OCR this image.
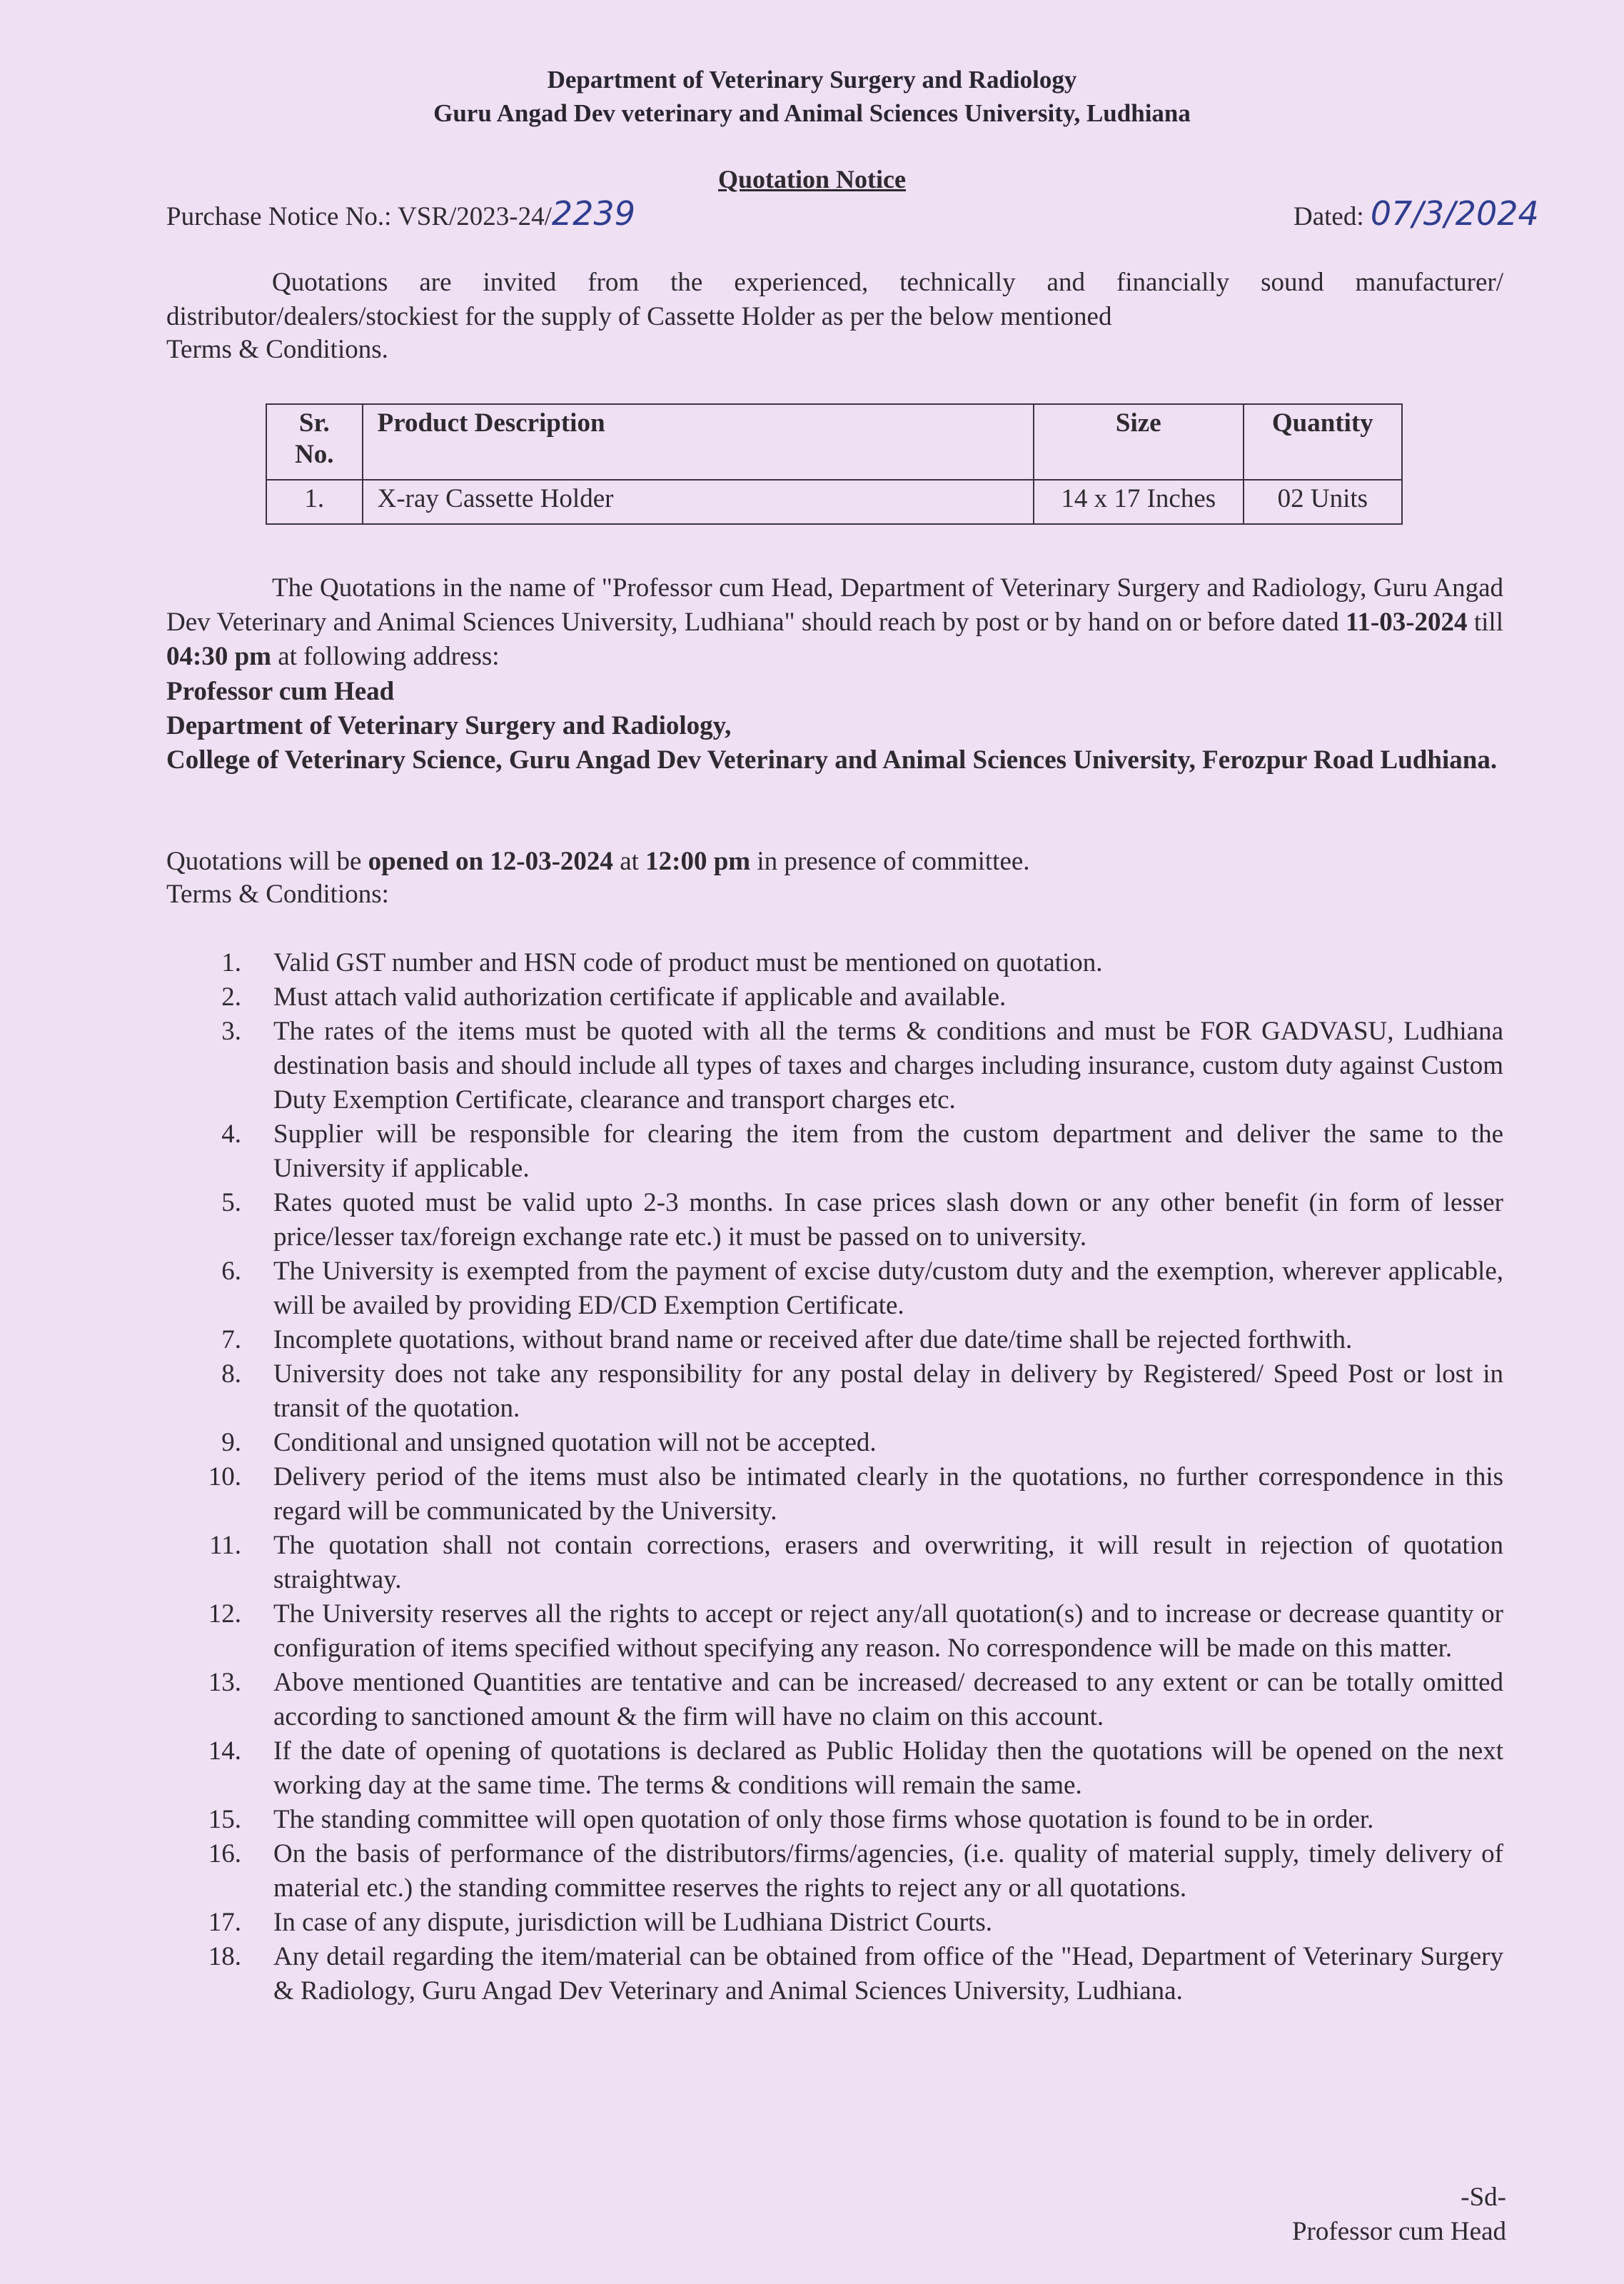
Department of Veterinary Surgery and Radiology
Guru Angad Dev veterinary and Animal Sciences University, Ludhiana
Quotation Notice
Purchase Notice No.: VSR/2023-24/2239	Dated: 07/3/2024
Quotations are invited from the experienced, technically and financially sound manufacturer/ distributor/dealers/stockiest for the supply of Cassette Holder as per the below mentioned
Terms & Conditions.
Sr. No.	Product Description	Size	Quantity
1.	X-ray Cassette Holder	14 x 17 Inches	02 Units
The Quotations in the name of "Professor cum Head, Department of Veterinary Surgery and Radiology, Guru Angad Dev Veterinary and Animal Sciences University, Ludhiana" should reach by post or by hand on or before dated 11-03-2024 till 04:30 pm at following address:
Professor cum Head
Department of Veterinary Surgery and Radiology,
College of Veterinary Science, Guru Angad Dev Veterinary and Animal Sciences University, Ferozpur Road Ludhiana.
Quotations will be opened on 12-03-2024 at 12:00 pm in presence of committee.
Terms & Conditions:
1. Valid GST number and HSN code of product must be mentioned on quotation.
2. Must attach valid authorization certificate if applicable and available.
3. The rates of the items must be quoted with all the terms & conditions and must be FOR GADVASU, Ludhiana destination basis and should include all types of taxes and charges including insurance, custom duty against Custom Duty Exemption Certificate, clearance and transport charges etc.
4. Supplier will be responsible for clearing the item from the custom department and deliver the same to the University if applicable.
5. Rates quoted must be valid upto 2-3 months. In case prices slash down or any other benefit (in form of lesser price/lesser tax/foreign exchange rate etc.) it must be passed on to university.
6. The University is exempted from the payment of excise duty/custom duty and the exemption, wherever applicable, will be availed by providing ED/CD Exemption Certificate.
7. Incomplete quotations, without brand name or received after due date/time shall be rejected forthwith.
8. University does not take any responsibility for any postal delay in delivery by Registered/ Speed Post or lost in transit of the quotation.
9. Conditional and unsigned quotation will not be accepted.
10. Delivery period of the items must also be intimated clearly in the quotations, no further correspondence in this regard will be communicated by the University.
11. The quotation shall not contain corrections, erasers and overwriting, it will result in rejection of quotation straightway.
12. The University reserves all the rights to accept or reject any/all quotation(s) and to increase or decrease quantity or configuration of items specified without specifying any reason. No correspondence will be made on this matter.
13. Above mentioned Quantities are tentative and can be increased/ decreased to any extent or can be totally omitted according to sanctioned amount & the firm will have no claim on this account.
14. If the date of opening of quotations is declared as Public Holiday then the quotations will be opened on the next working day at the same time. The terms & conditions will remain the same.
15. The standing committee will open quotation of only those firms whose quotation is found to be in order.
16. On the basis of performance of the distributors/firms/agencies, (i.e. quality of material supply, timely delivery of material etc.) the standing committee reserves the rights to reject any or all quotations.
17. In case of any dispute, jurisdiction will be Ludhiana District Courts.
18. Any detail regarding the item/material can be obtained from office of the "Head, Department of Veterinary Surgery & Radiology, Guru Angad Dev Veterinary and Animal Sciences University, Ludhiana.
-Sd-
Professor cum Head
